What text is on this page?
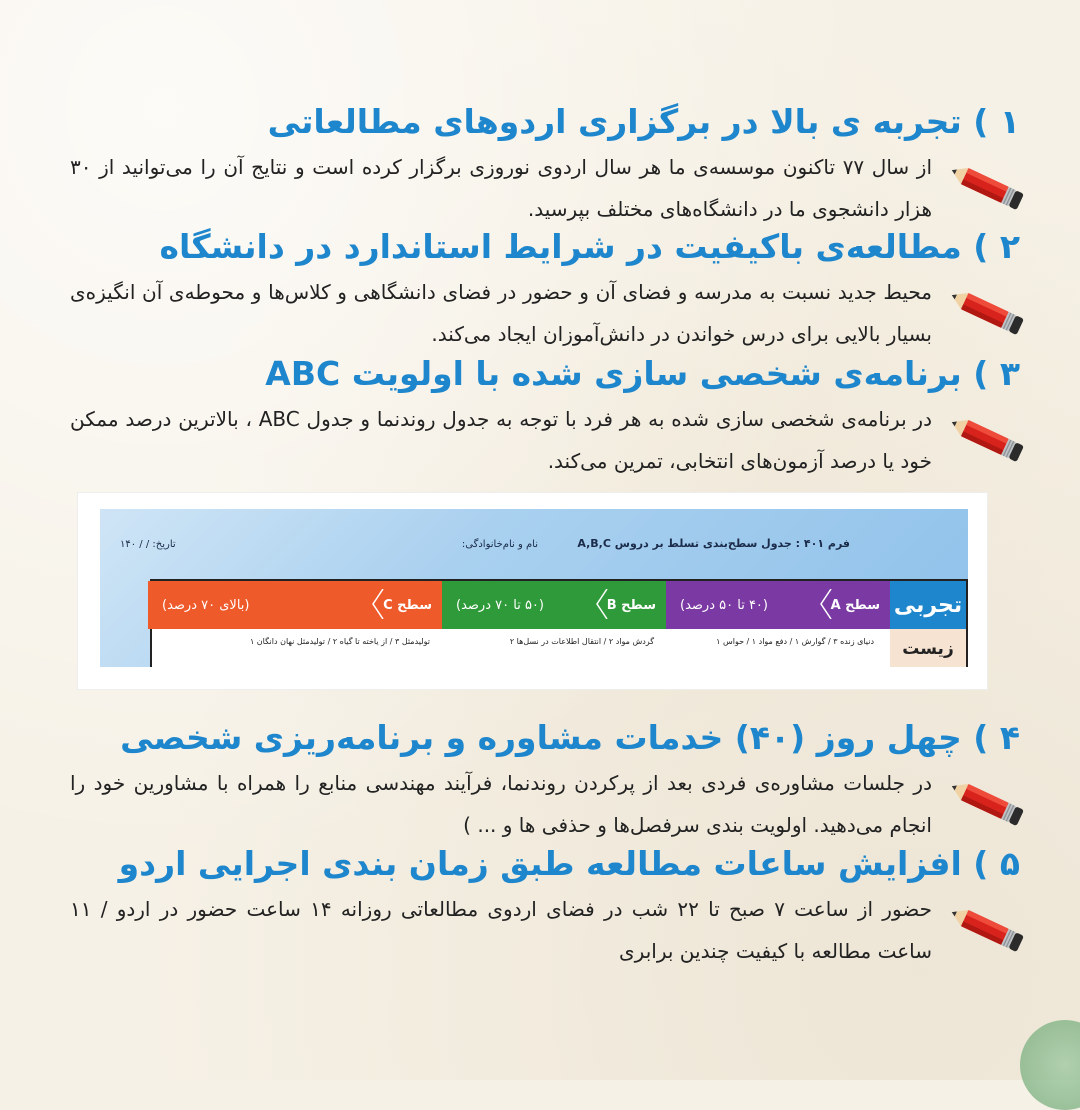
۱ ) تجربه ی بالا در برگزاری اردوهای مطالعاتی

از سال ۷۷ تاکنون موسسه‌ی ما هر سال اردوی نوروزی برگزار کرده است و نتایج آن را می‌توانید از ۳۰ هزار دانشجوی ما در دانشگاه‌های مختلف بپرسید.

۲ ) مطالعه‌ی باکیفیت در شرایط استاندارد در دانشگاه

محیط جدید نسبت به مدرسه و فضای آن و حضور در فضای دانشگاهی و کلاس‌ها و محوطه‌ی آن انگیزه‌ی بسیار بالایی برای درس خواندن در دانش‌آموزان ایجاد می‌کند.

۳ ) برنامه‌ی شخصی سازی شده با اولویت ABC

در برنامه‌ی شخصی سازی شده به هر فرد با توجه به جدول روندنما و جدول ABC ، بالاترین درصد ممکن خود یا درصد آزمون‌های انتخابی، تمرین می‌کند.

فرم ۴۰۱ : جدول سطح‌بندی تسلط بر دروس A,B,C
نام و نام‌خانوادگی:
تاریخ: / / ۱۴۰
تجربی
سطح A
(۴۰ تا ۵۰ درصد)
سطح B
(۵۰ تا ۷۰ درصد)
سطح C
(بالای ۷۰ درصد)
زیست
دنیای زنده ۳ / گوارش ۱ / دفع مواد ۱ / حواس ۱
گردش مواد ۲ / انتقال اطلاعات در نسل‌ها ۲
تولیدمثل ۳ / از یاخته تا گیاه ۲ / تولیدمثل نهان دانگان ۱
۴ ) چهل روز (۴۰) خدمات مشاوره و برنامه‌ریزی شخصی

در جلسات مشاوره‌ی فردی بعد از پرکردن روندنما، فرآیند مهندسی منابع را همراه با مشاورین خود را انجام می‌دهید. اولویت بندی سرفصل‌ها و حذفی ها و ... )

۵ ) افزایش ساعات مطالعه طبق زمان بندی اجرایی اردو

حضور از ساعت ۷ صبح تا ۲۲ شب در فضای اردوی مطالعاتی روزانه ۱۴ ساعت حضور در اردو / ۱۱ ساعت مطالعه با کیفیت چندین برابری
